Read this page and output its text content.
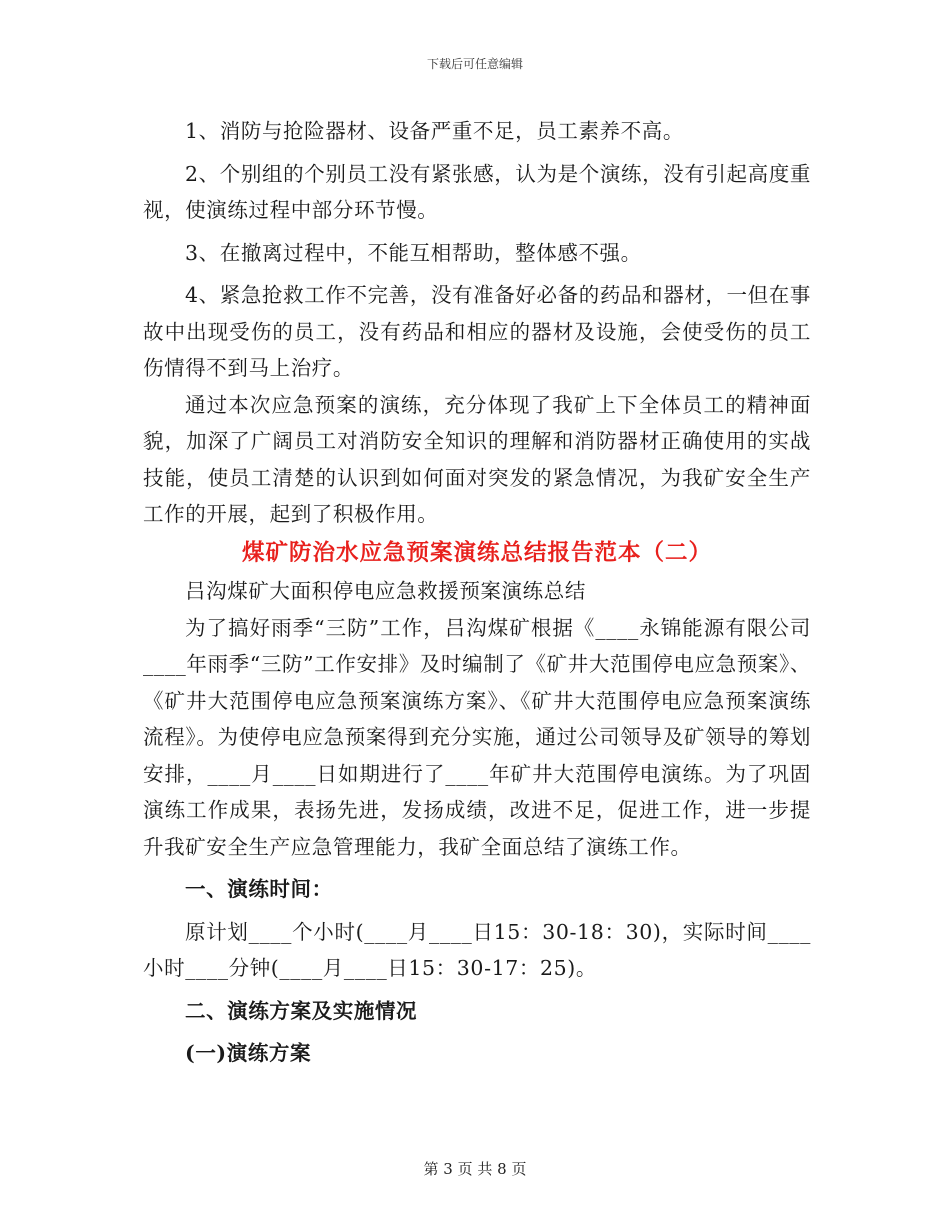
下载后可任意编辑

1、消防与抢险器材、设备严重不足，员工素养不高。

2、个别组的个别员工没有紧张感，认为是个演练，没有引起高度重视，使演练过程中部分环节慢。

3、在撤离过程中，不能互相帮助，整体感不强。

4、紧急抢救工作不完善，没有准备好必备的药品和器材，一但在事故中出现受伤的员工，没有药品和相应的器材及设施，会使受伤的员工伤情得不到马上治疗。

通过本次应急预案的演练，充分体现了我矿上下全体员工的精神面貌，加深了广阔员工对消防安全知识的理解和消防器材正确使用的实战技能，使员工清楚的认识到如何面对突发的紧急情况，为我矿安全生产工作的开展，起到了积极作用。

煤矿防治水应急预案演练总结报告范本（二）

吕沟煤矿大面积停电应急救援预案演练总结

为了搞好雨季“三防”工作，吕沟煤矿根据《____永锦能源有限公司____年雨季“三防”工作安排》及时编制了《矿井大范围停电应急预案》、《矿井大范围停电应急预案演练方案》、《矿井大范围停电应急预案演练流程》。为使停电应急预案得到充分实施，通过公司领导及矿领导的筹划安排，____月____日如期进行了____年矿井大范围停电演练。为了巩固演练工作成果，表扬先进，发扬成绩，改进不足，促进工作，进一步提升我矿安全生产应急管理能力，我矿全面总结了演练工作。

一、演练时间：

原计划____个小时(____月____日15：30-18：30)，实际时间____小时____分钟(____月____日15：30-17：25)。

二、演练方案及实施情况

(一)演练方案

第 3 页 共 8 页
